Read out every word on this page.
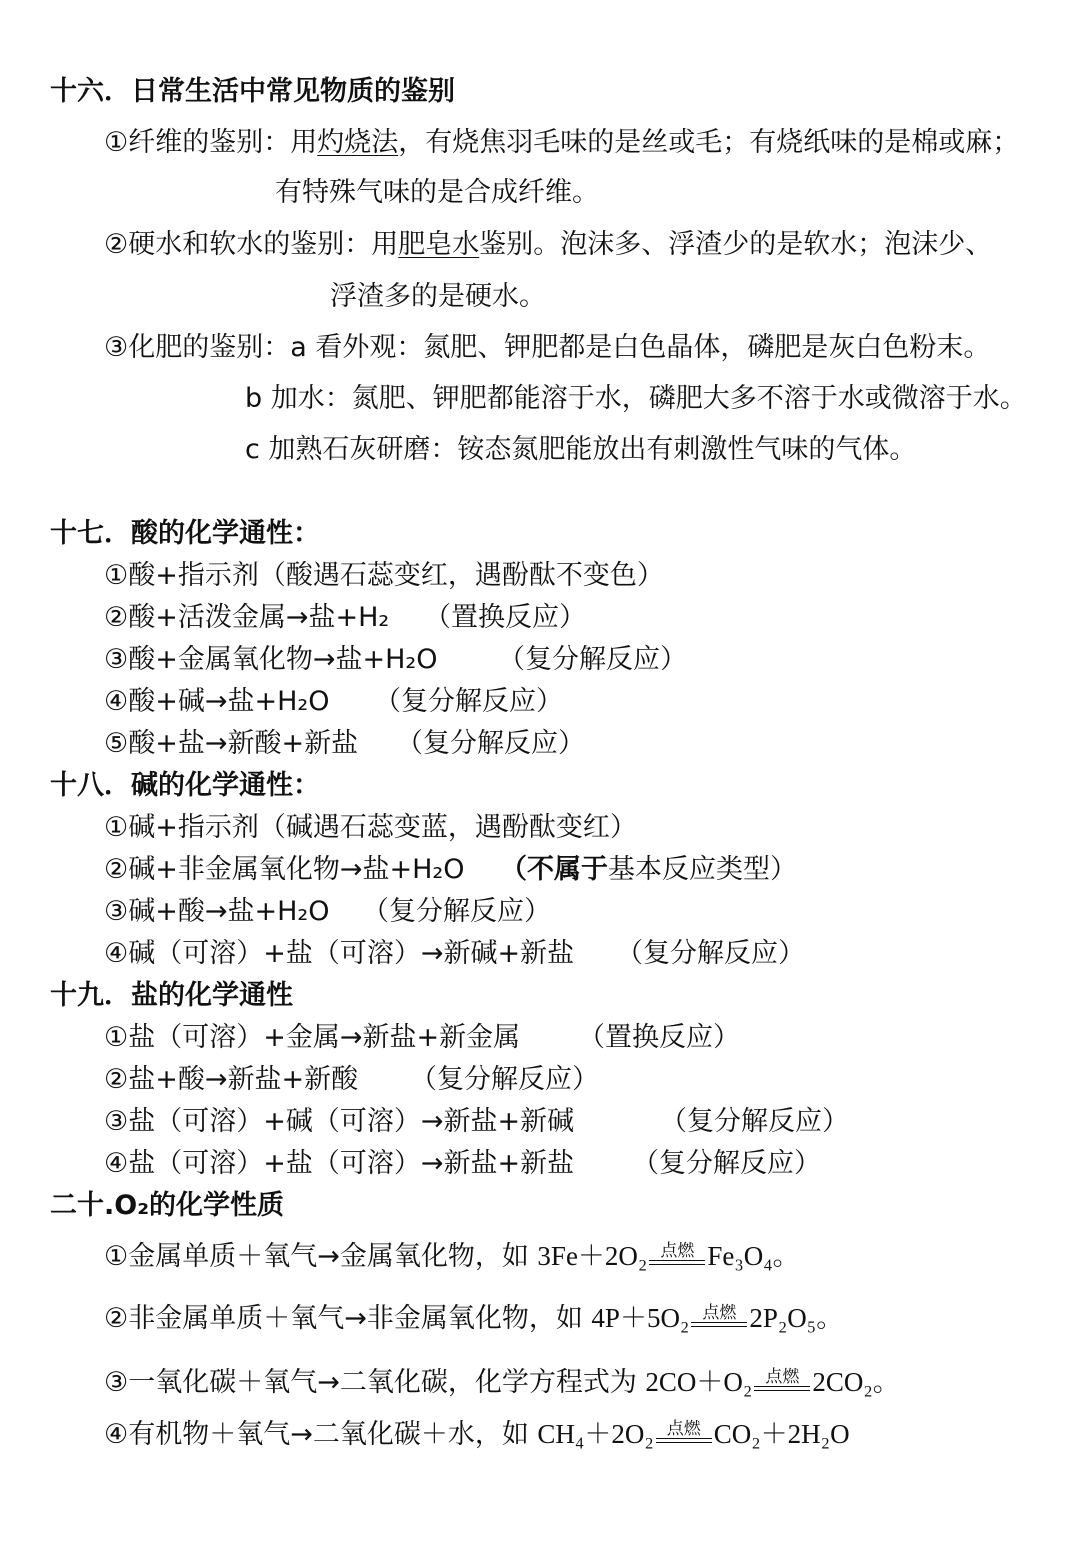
十六．日常生活中常见物质的鉴别
①纤维的鉴别：用灼烧法，有烧焦羽毛味的是丝或毛；有烧纸味的是棉或麻；
有特殊气味的是合成纤维。
②硬水和软水的鉴别：用肥皂水鉴别。泡沫多、浮渣少的是软水；泡沫少、
浮渣多的是硬水。
③化肥的鉴别：a 看外观：氮肥、钾肥都是白色晶体，磷肥是灰白色粉末。
b 加水：氮肥、钾肥都能溶于水，磷肥大多不溶于水或微溶于水。
c 加熟石灰研磨：铵态氮肥能放出有刺激性气味的气体。
十七．酸的化学通性：
①酸+指示剂（酸遇石蕊变红，遇酚酞不变色）
②酸+活泼金属→盐+H₂ （置换反应）
③酸+金属氧化物→盐+H₂O （复分解反应）
④酸+碱→盐+H₂O （复分解反应）
⑤酸+盐→新酸+新盐 （复分解反应）
十八．碱的化学通性：
①碱+指示剂（碱遇石蕊变蓝，遇酚酞变红）
②碱+非金属氧化物→盐+H₂O （不属于基本反应类型）
③碱+酸→盐+H₂O （复分解反应）
④碱（可溶）+盐（可溶）→新碱+新盐 （复分解反应）
十九．盐的化学通性
①盐（可溶）+金属→新盐+新金属 （置换反应）
②盐+酸→新盐+新酸 （复分解反应）
③盐（可溶）+碱（可溶）→新盐+新碱	（复分解反应）
④盐（可溶）+盐（可溶）→新盐+新盐 （复分解反应）
二十.O₂的化学性质
①金属单质＋氧气→金属氧化物，如 3Fe＋2O₂ 点燃 Fe₃O₄。
②非金属单质＋氧气→非金属氧化物，如 4P＋5O₂ 点燃 2P₂O₅。
③一氧化碳＋氧气→二氧化碳，化学方程式为 2CO＋O₂ 点燃 2CO₂。
④有机物＋氧气→二氧化碳＋水，如 CH₄＋2O₂ 点燃 CO₂＋2H₂O
